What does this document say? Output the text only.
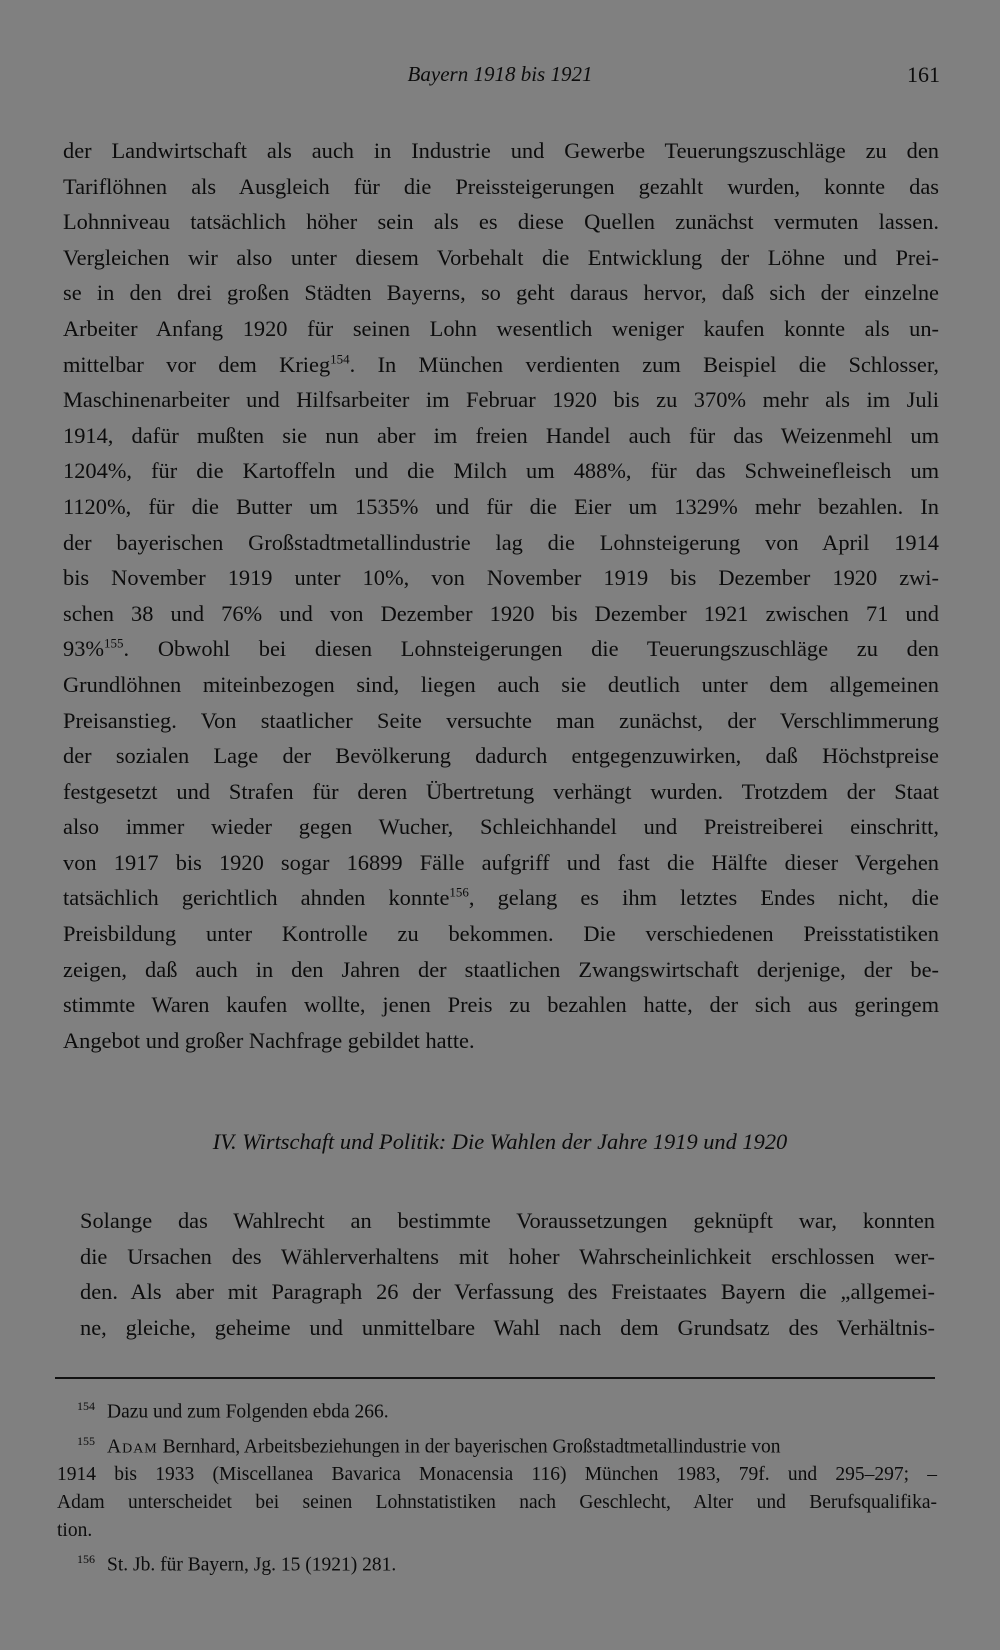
Bayern 1918 bis 1921	161
der Landwirtschaft als auch in Industrie und Gewerbe Teuerungszuschläge zu den
Tariflöhnen als Ausgleich für die Preissteigerungen gezahlt wurden, konnte das
Lohnniveau tatsächlich höher sein als es diese Quellen zunächst vermuten lassen.
Vergleichen wir also unter diesem Vorbehalt die Entwicklung der Löhne und Prei-
se in den drei großen Städten Bayerns, so geht daraus hervor, daß sich der einzelne
Arbeiter Anfang 1920 für seinen Lohn wesentlich weniger kaufen konnte als un-
mittelbar vor dem Krieg$^{154}$. In München verdienten zum Beispiel die Schlosser,
Maschinenarbeiter und Hilfsarbeiter im Februar 1920 bis zu 370% mehr als im Juli
1914, dafür mußten sie nun aber im freien Handel auch für das Weizenmehl um
1204%, für die Kartoffeln und die Milch um 488%, für das Schweinefleisch um
1120%, für die Butter um 1535% und für die Eier um 1329% mehr bezahlen. In
der bayerischen Großstadtmetallindustrie lag die Lohnsteigerung von April 1914
bis November 1919 unter 10%, von November 1919 bis Dezember 1920 zwi-
schen 38 und 76% und von Dezember 1920 bis Dezember 1921 zwischen 71 und
93%$^{155}$. Obwohl bei diesen Lohnsteigerungen die Teuerungszuschläge zu den
Grundlöhnen miteinbezogen sind, liegen auch sie deutlich unter dem allgemeinen
Preisanstieg. Von staatlicher Seite versuchte man zunächst, der Verschlimmerung
der sozialen Lage der Bevölkerung dadurch entgegenzuwirken, daß Höchstpreise
festgesetzt und Strafen für deren Übertretung verhängt wurden. Trotzdem der Staat
also immer wieder gegen Wucher, Schleichhandel und Preistreiberei einschritt,
von 1917 bis 1920 sogar 16899 Fälle aufgriff und fast die Hälfte dieser Vergehen
tatsächlich gerichtlich ahnden konnte$^{156}$, gelang es ihm letztes Endes nicht, die
Preisbildung unter Kontrolle zu bekommen. Die verschiedenen Preisstatistiken
zeigen, daß auch in den Jahren der staatlichen Zwangswirtschaft derjenige, der be-
stimmte Waren kaufen wollte, jenen Preis zu bezahlen hatte, der sich aus geringem
Angebot und großer Nachfrage gebildet hatte.
IV. Wirtschaft und Politik: Die Wahlen der Jahre 1919 und 1920
Solange das Wahlrecht an bestimmte Voraussetzungen geknüpft war, konnten
die Ursachen des Wählerverhaltens mit hoher Wahrscheinlichkeit erschlossen wer-
den. Als aber mit Paragraph 26 der Verfassung des Freistaates Bayern die „allgemei-
ne, gleiche, geheime und unmittelbare Wahl nach dem Grundsatz des Verhältnis-
$^{154}$ Dazu und zum Folgenden ebda 266.
$^{155}$ Adam Bernhard, Arbeitsbeziehungen in der bayerischen Großstadtmetallindustrie von
1914 bis 1933 (Miscellanea Bavarica Monacensia 116) München 1983, 79f. und 295–297; –
Adam unterscheidet bei seinen Lohnstatistiken nach Geschlecht, Alter und Berufsqualifika-
tion.
$^{156}$ St. Jb. für Bayern, Jg. 15 (1921) 281.
